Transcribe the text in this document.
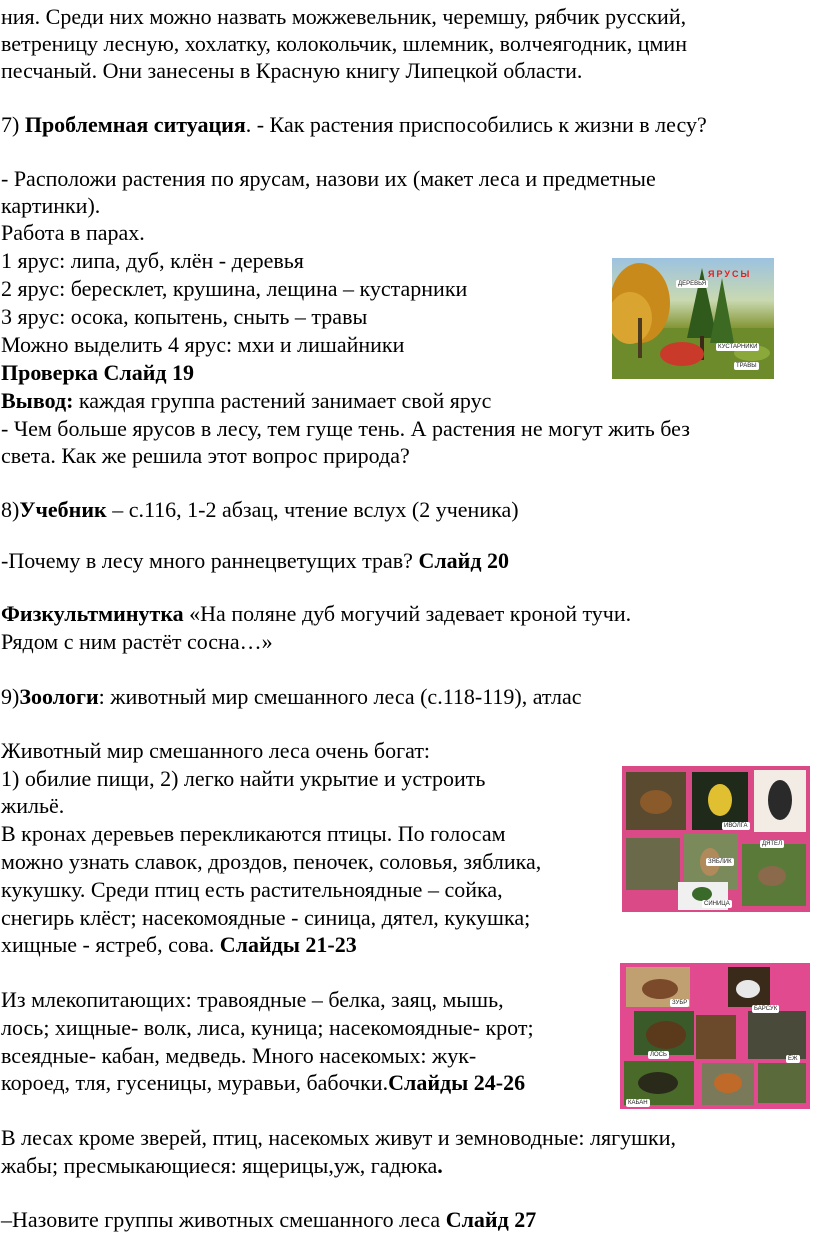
ния. Среди них можно назвать можжевельник, черемшу, рябчик русский,
ветреницу лесную, хохлатку, колокольчик, шлемник, волчеягодник, цмин
песчаный. Они занесены в Красную книгу Липецкой области.
7) Проблемная ситуация. - Как растения приспособились к жизни в лесу?
- Расположи растения по ярусам, назови их (макет леса и предметные
картинки).
Работа в парах.
1 ярус: липа, дуб, клён - деревья
2 ярус: бересклет, крушина, лещина – кустарники
3 ярус: осока, копытень, сныть – травы
Можно выделить 4 ярус: мхи и лишайники
Проверка Слайд 19
Вывод: каждая группа растений занимает свой ярус
- Чем больше ярусов в лесу, тем гуще тень. А растения не могут жить без
света. Как же решила этот вопрос природа?
8)Учебник – с.116, 1-2 абзац, чтение вслух (2 ученика)
-Почему в лесу много раннецветущих трав? Слайд 20
Физкультминутка «На поляне дуб могучий задевает кроной тучи.
Рядом с ним растёт сосна…»
9)Зоологи: животный мир смешанного леса (с.118-119), атлас
Животный мир смешанного леса очень богат:
1) обилие пищи, 2) легко найти укрытие и устроить
жильё.
В кронах деревьев перекликаются птицы. По голосам
можно узнать славок, дроздов, пеночек, соловья, зяблика,
кукушку. Среди птиц есть растительноядные – сойка,
снегирь клёст; насекомоядные - синица, дятел, кукушка;
хищные - ястреб, сова. Слайды 21-23
Из млекопитающих: травоядные – белка, заяц, мышь,
лось; хищные- волк, лиса, куница; насекомоядные- крот;
всеядные- кабан, медведь. Много насекомых: жук-
короед, тля, гусеницы, муравьи, бабочки.Слайды 24-26
В лесах кроме зверей, птиц, насекомых живут и земноводные: лягушки,
жабы; пресмыкающиеся: ящерицы,уж, гадюка.
–Назовите группы животных смешанного леса Слайд 27
ЯРУСЫ
ДЕРЕВЬЯ
КУСТАРНИКИ
ТРАВЫ
ИВОЛГА
ДЯТЕЛ
ЗЯБЛИК
СИНИЦА
ЗУБР
БАРСУК
ЛОСЬ
КАБАН
ЁЖ
